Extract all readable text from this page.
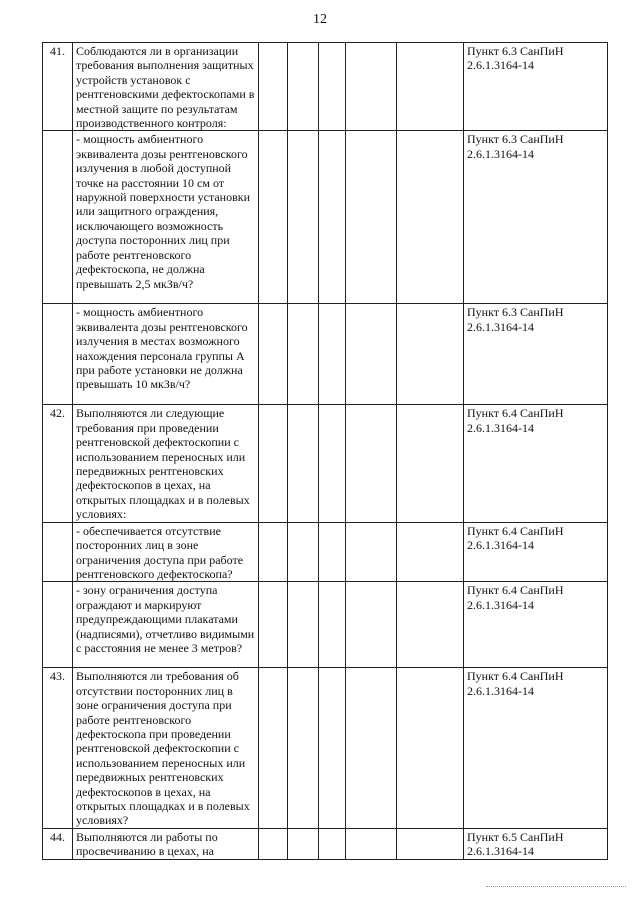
12
41.	Соблюдаются ли в организации требования выполнения защитных устройств установок с рентгеновскими дефектоскопами в местной защите по результатам производственного контроля:						Пункт 6.3 СанПиН 2.6.1.3164-14
	- мощность амбиентного эквивалента дозы рентгеновского излучения в любой доступной точке на расстоянии 10 см от наружной поверхности установки или защитного ограждения, исключающего возможность доступа посторонних лиц при работе рентгеновского дефектоскопа, не должна превышать 2,5 мкЗв/ч?						Пункт 6.3 СанПиН 2.6.1.3164-14
	- мощность амбиентного эквивалента дозы рентгеновского излучения в местах возможного нахождения персонала группы А при работе установки не должна превышать 10 мкЗв/ч?						Пункт 6.3 СанПиН 2.6.1.3164-14
42.	Выполняются ли следующие требования при проведении рентгеновской дефектоскопии с использованием переносных или передвижных рентгеновских дефектоскопов в цехах, на открытых площадках и в полевых условиях:						Пункт 6.4 СанПиН 2.6.1.3164-14
	- обеспечивается отсутствие посторонних лиц в зоне ограничения доступа при работе рентгеновского дефектоскопа?						Пункт 6.4 СанПиН 2.6.1.3164-14
	- зону ограничения доступа ограждают и маркируют предупреждающими плакатами (надписями), отчетливо видимыми с расстояния не менее 3 метров?						Пункт 6.4 СанПиН 2.6.1.3164-14
43.	Выполняются ли требования об отсутствии посторонних лиц в зоне ограничения доступа при работе рентгеновского дефектоскопа при проведении рентгеновской дефектоскопии с использованием переносных или передвижных рентгеновских дефектоскопов в цехах, на открытых площадках и в полевых условиях?						Пункт 6.4 СанПиН 2.6.1.3164-14
44.	Выполняются ли работы по просвечиванию в цехах, на						Пункт 6.5 СанПиН 2.6.1.3164-14
